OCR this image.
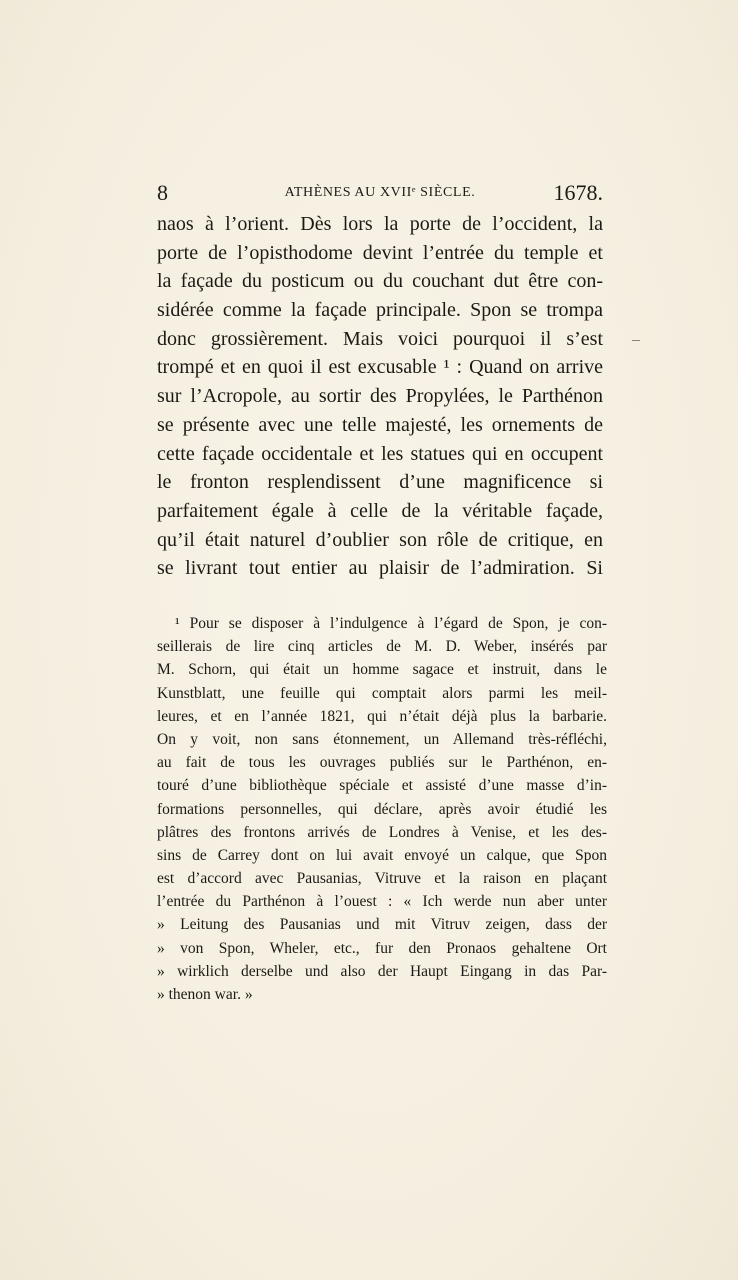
8	ATHÈNES AU XVIIᵉ SIÈCLE.	1678.

naos à l’orient. Dès lors la porte de l’occident, la
porte de l’opisthodome devint l’entrée du temple et
la façade du posticum ou du couchant dut être con-
sidérée comme la façade principale. Spon se trompa
donc grossièrement. Mais voici pourquoi il s’est
trompé et en quoi il est excusable ¹ : Quand on arrive
sur l’Acropole, au sortir des Propylées, le Parthénon
se présente avec une telle majesté, les ornements de
cette façade occidentale et les statues qui en occupent
le fronton resplendissent d’une magnificence si
parfaitement égale à celle de la véritable façade,
qu’il était naturel d’oublier son rôle de critique, en
se livrant tout entier au plaisir de l’admiration. Si

¹ Pour se disposer à l’indulgence à l’égard de Spon, je con-
seillerais de lire cinq articles de M. D. Weber, insérés par
M. Schorn, qui était un homme sagace et instruit, dans le
Kunstblatt, une feuille qui comptait alors parmi les meil-
leures, et en l’année 1821, qui n’était déjà plus la barbarie.
On y voit, non sans étonnement, un Allemand très-réfléchi,
au fait de tous les ouvrages publiés sur le Parthénon, en-
touré d’une bibliothèque spéciale et assisté d’une masse d’in-
formations personnelles, qui déclare, après avoir étudié les
plâtres des frontons arrivés de Londres à Venise, et les des-
sins de Carrey dont on lui avait envoyé un calque, que Spon
est d’accord avec Pausanias, Vitruve et la raison en plaçant
l’entrée du Parthénon à l’ouest : « Ich werde nun aber unter
» Leitung des Pausanias und mit Vitruv zeigen, dass der
» von Spon, Wheler, etc., fur den Pronaos gehaltene Ort
» wirklich derselbe und also der Haupt Eingang in das Par-
» thenon war. »
